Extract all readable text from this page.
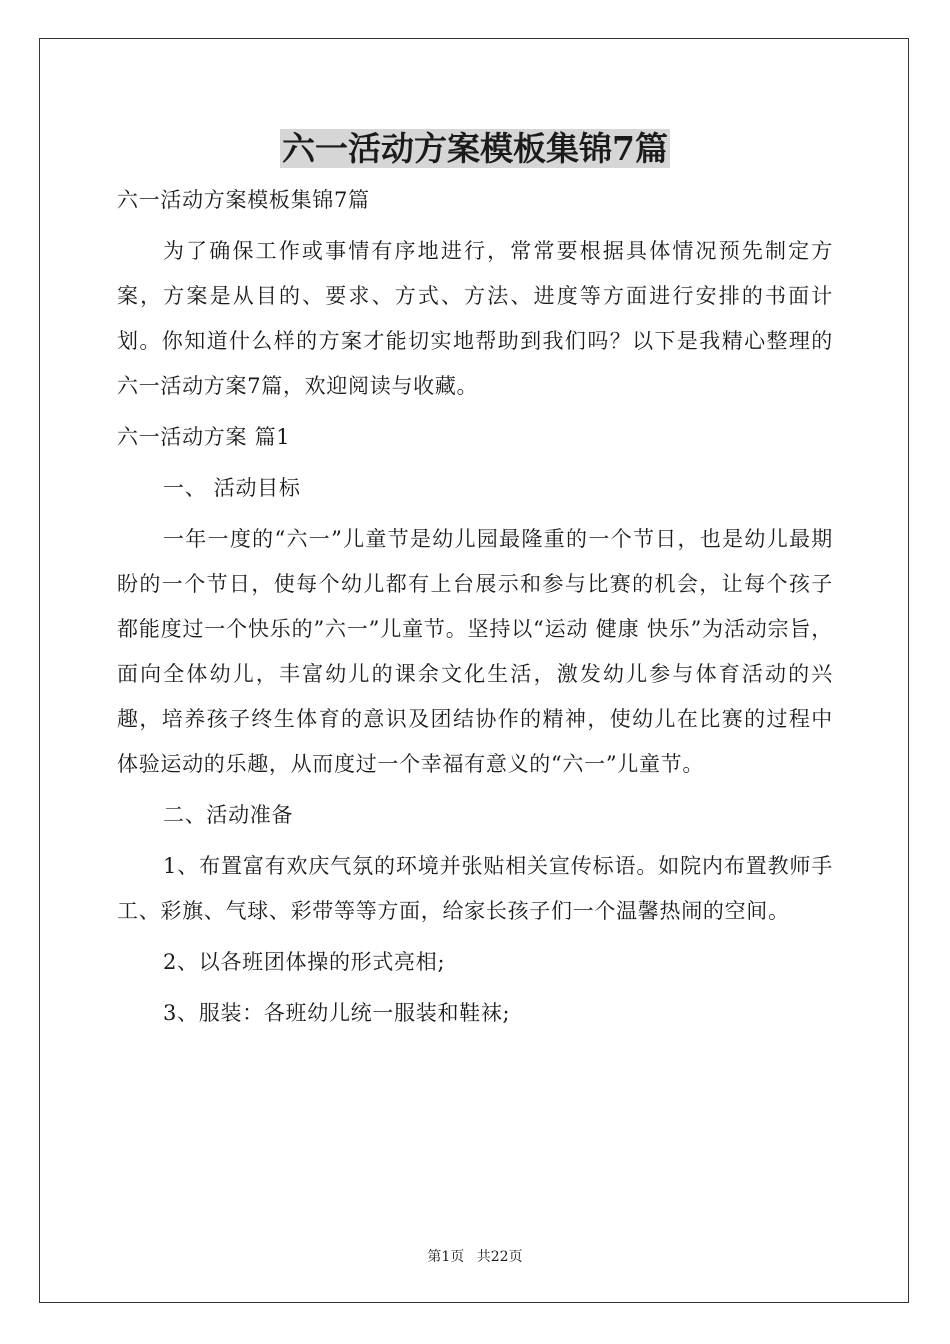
六一活动方案模板集锦7篇

六一活动方案模板集锦7篇

为了确保工作或事情有序地进行，常常要根据具体情况预先制定方案，方案是从目的、要求、方式、方法、进度等方面进行安排的书面计划。你知道什么样的方案才能切实地帮助到我们吗？以下是我精心整理的六一活动方案7篇，欢迎阅读与收藏。

六一活动方案 篇1

一、 活动目标

一年一度的“六一”儿童节是幼儿园最隆重的一个节日，也是幼儿最期盼的一个节日，使每个幼儿都有上台展示和参与比赛的机会，让每个孩子都能度过一个快乐的”六一”儿童节。坚持以“运动 健康 快乐”为活动宗旨，面向全体幼儿，丰富幼儿的课余文化生活，激发幼儿参与体育活动的兴趣，培养孩子终生体育的意识及团结协作的精神，使幼儿在比赛的过程中体验运动的乐趣，从而度过一个幸福有意义的“六一”儿童节。

二、活动准备

1、布置富有欢庆气氛的环境并张贴相关宣传标语。如院内布置教师手工、彩旗、气球、彩带等等方面，给家长孩子们一个温馨热闹的空间。

2、以各班团体操的形式亮相;

3、服装：各班幼儿统一服装和鞋袜;

第1页 共22页
